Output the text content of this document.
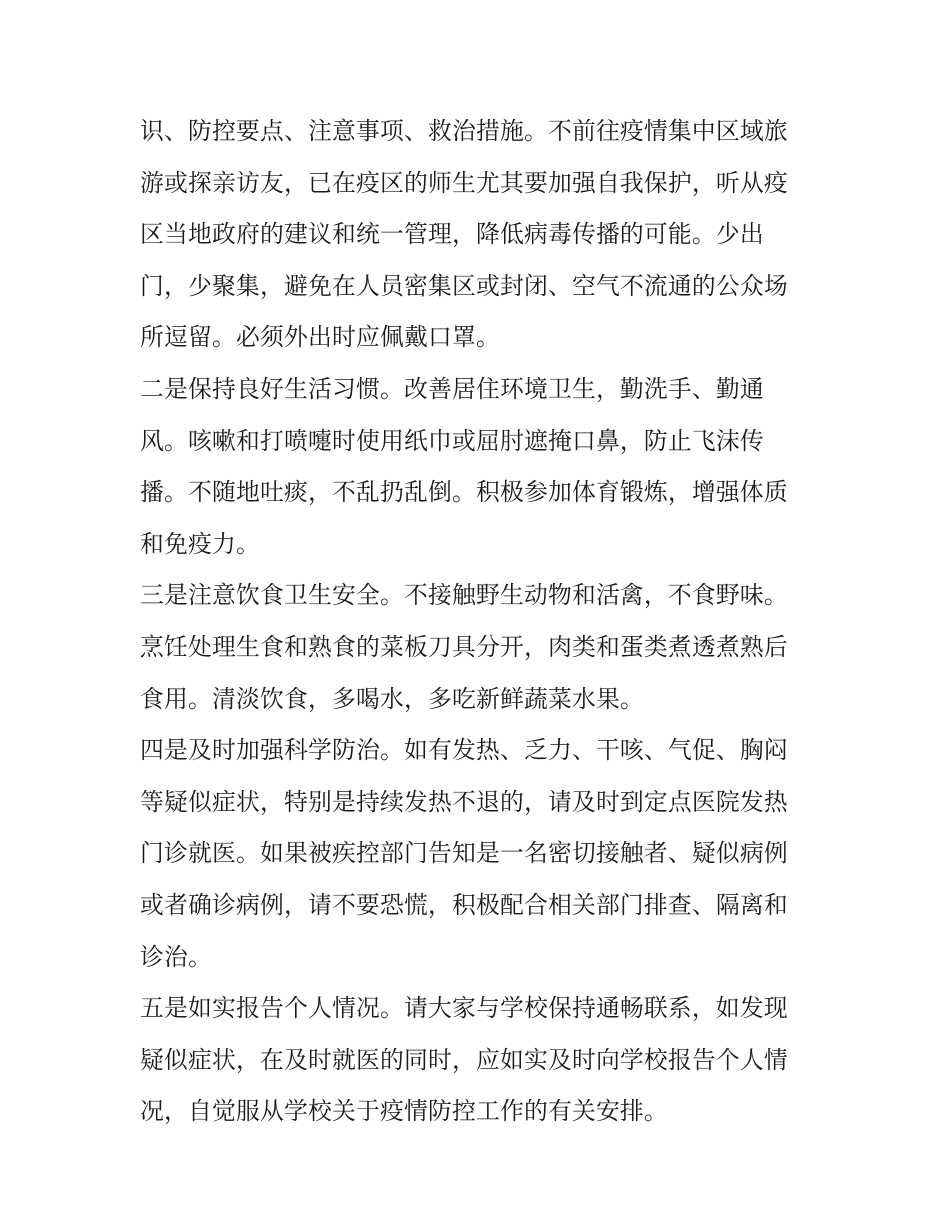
识、防控要点、注意事项、救治措施。不前往疫情集中区域旅
游或探亲访友，已在疫区的师生尤其要加强自我保护，听从疫
区当地政府的建议和统一管理，降低病毒传播的可能。少出
门，少聚集，避免在人员密集区或封闭、空气不流通的公众场
所逗留。必须外出时应佩戴口罩。
二是保持良好生活习惯。改善居住环境卫生，勤洗手、勤通
风。咳嗽和打喷嚏时使用纸巾或屈肘遮掩口鼻，防止飞沫传
播。不随地吐痰，不乱扔乱倒。积极参加体育锻炼，增强体质
和免疫力。
三是注意饮食卫生安全。不接触野生动物和活禽，不食野味。
烹饪处理生食和熟食的菜板刀具分开，肉类和蛋类煮透煮熟后
食用。清淡饮食，多喝水，多吃新鲜蔬菜水果。
四是及时加强科学防治。如有发热、乏力、干咳、气促、胸闷
等疑似症状，特别是持续发热不退的，请及时到定点医院发热
门诊就医。如果被疾控部门告知是一名密切接触者、疑似病例
或者确诊病例，请不要恐慌，积极配合相关部门排查、隔离和
诊治。
五是如实报告个人情况。请大家与学校保持通畅联系，如发现
疑似症状，在及时就医的同时，应如实及时向学校报告个人情
况，自觉服从学校关于疫情防控工作的有关安排。
